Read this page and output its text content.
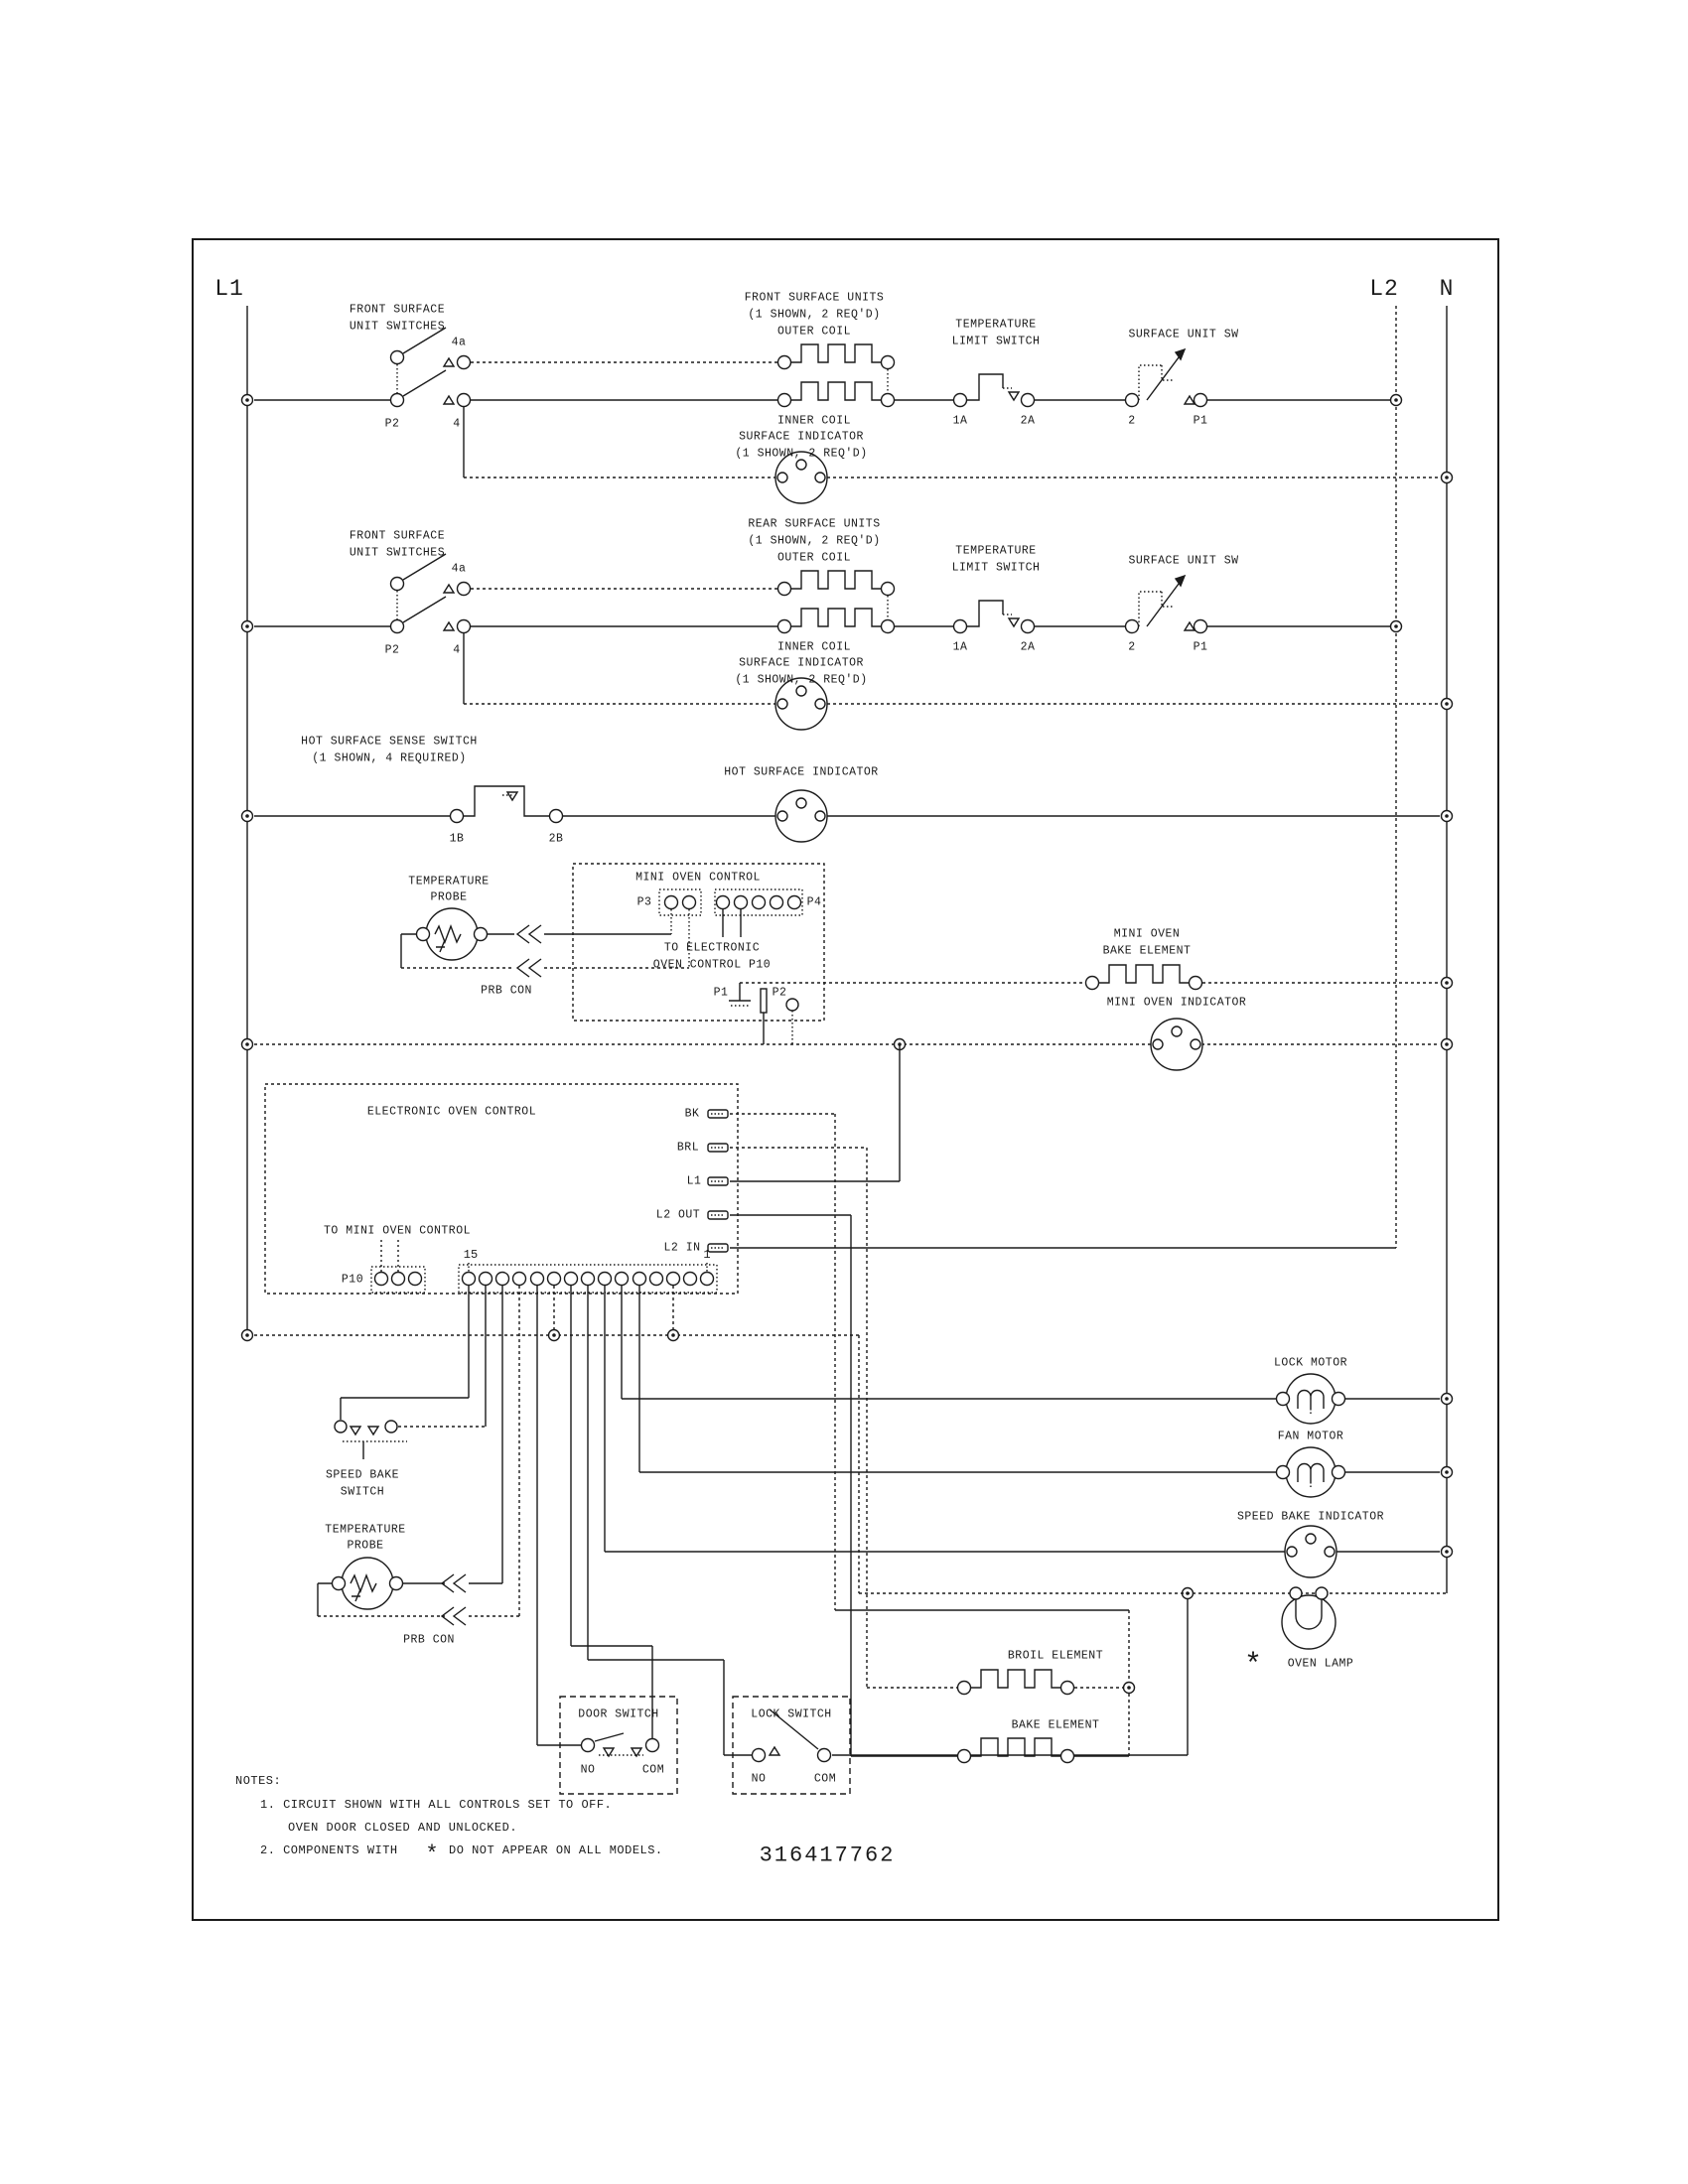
L1	L2 N
FRONT SURFACE
UNIT SWITCHES
4a
P2	4
FRONT SURFACE UNITS
(1 SHOWN, 2 REQ'D)
OUTER COIL
INNER COIL
TEMPERATURE
LIMIT SWITCH
1A	2A
SURFACE UNIT SW
2	P1
SURFACE INDICATOR
(1 SHOWN, 2 REQ'D)
FRONT SURFACE
UNIT SWITCHES
4a
P2	4
REAR SURFACE UNITS
(1 SHOWN, 2 REQ'D)
OUTER COIL
INNER COIL
TEMPERATURE
LIMIT SWITCH
1A	2A
SURFACE UNIT SW
2	P1
SURFACE INDICATOR
(1 SHOWN, 2 REQ'D)
HOT SURFACE SENSE SWITCH
(1 SHOWN, 4 REQUIRED)
1B	2B
HOT SURFACE INDICATOR
MINI OVEN CONTROL
P3	P4
TO ELECTRONIC
OVEN CONTROL P10
P1	P2
TEMPERATURE
PROBE
PRB CON
MINI OVEN
BAKE ELEMENT
MINI OVEN INDICATOR
ELECTRONIC OVEN CONTROL	BK
BRL
L1
L2 OUT
L2 IN
TO MINI OVEN CONTROL
P10
15	1
SPEED BAKE
SWITCH
TEMPERATURE
PROBE
PRB CON
DOOR SWITCH
NO	COM
LOCK SWITCH
NO	COM
BROIL ELEMENT
BAKE ELEMENT
LOCK MOTOR
FAN MOTOR
SPEED BAKE INDICATOR
* OVEN LAMP
NOTES:
1. CIRCUIT SHOWN WITH ALL CONTROLS SET TO OFF.
OVEN DOOR CLOSED AND UNLOCKED.
2. COMPONENTS WITH * DO NOT APPEAR ON ALL MODELS.	316417762
